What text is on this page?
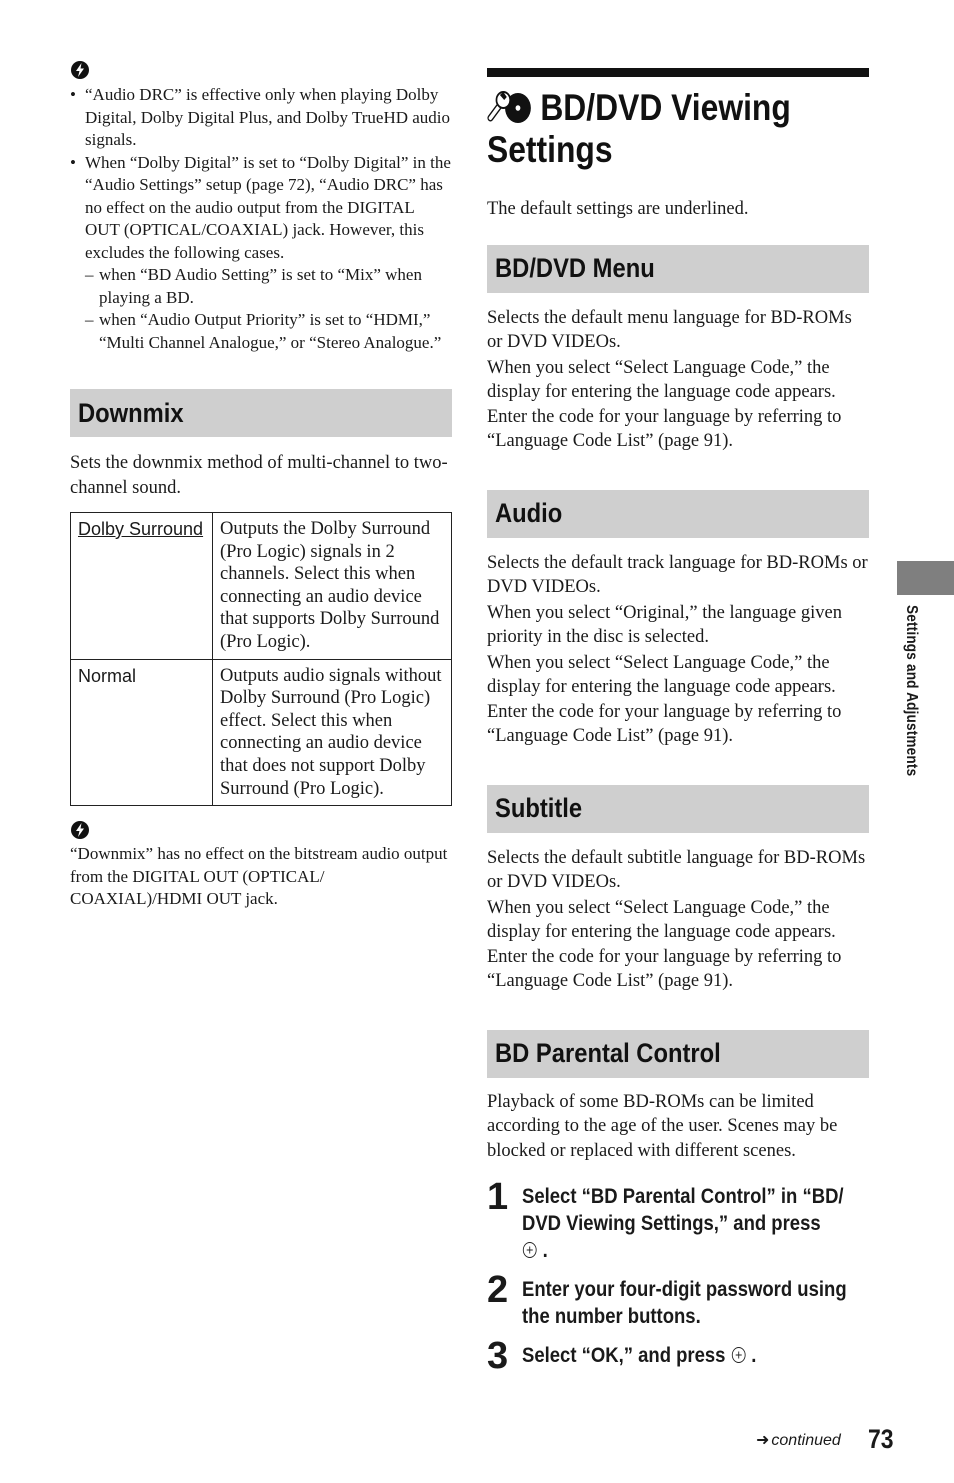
• “Audio DRC” is effective only when playing Dolby Digital, Dolby Digital Plus, and Dolby TrueHD audio signals.
• When “Dolby Digital” is set to “Dolby Digital” in the “Audio Settings” setup (page 72), “Audio DRC” has no effect on the audio output from the DIGITAL OUT (OPTICAL/COAXIAL) jack. However, this excludes the following cases.
– when “BD Audio Setting” is set to “Mix” when playing a BD.
– when “Audio Output Priority” is set to “HDMI,” “Multi Channel Analogue,” or “Stereo Analogue.”
Downmix

Sets the downmix method of multi-channel to two-channel sound.

Dolby Surround	Outputs the Dolby Surround (Pro Logic) signals in 2 channels. Select this when connecting an audio device that supports Dolby Surround (Pro Logic).
Normal	Outputs audio signals without Dolby Surround (Pro Logic) effect. Select this when connecting an audio device that does not support Dolby Surround (Pro Logic).

“Downmix” has no effect on the bitstream audio output from the DIGITAL OUT (OPTICAL/ COAXIAL)/HDMI OUT jack.

BD/DVD Viewing Settings

The default settings are underlined.

BD/DVD Menu

Selects the default menu language for BD-ROMs or DVD VIDEOs.

When you select “Select Language Code,” the display for entering the language code appears. Enter the code for your language by referring to “Language Code List” (page 91).

Audio

Selects the default track language for BD-ROMs or DVD VIDEOs.

When you select “Original,” the language given priority in the disc is selected.

When you select “Select Language Code,” the display for entering the language code appears. Enter the code for your language by referring to “Language Code List” (page 91).

Subtitle

Selects the default subtitle language for BD-ROMs or DVD VIDEOs.

When you select “Select Language Code,” the display for entering the language code appears. Enter the code for your language by referring to “Language Code List” (page 91).

BD Parental Control

Playback of some BD-ROMs can be limited according to the age of the user. Scenes may be blocked or replaced with different scenes.

1 Select “BD Parental Control” in “BD/ DVD Viewing Settings,” and press
.
2 Enter your four-digit password using the number buttons.
3 Select “OK,” and press  .
Settings and Adjustments
➜ continued 73
